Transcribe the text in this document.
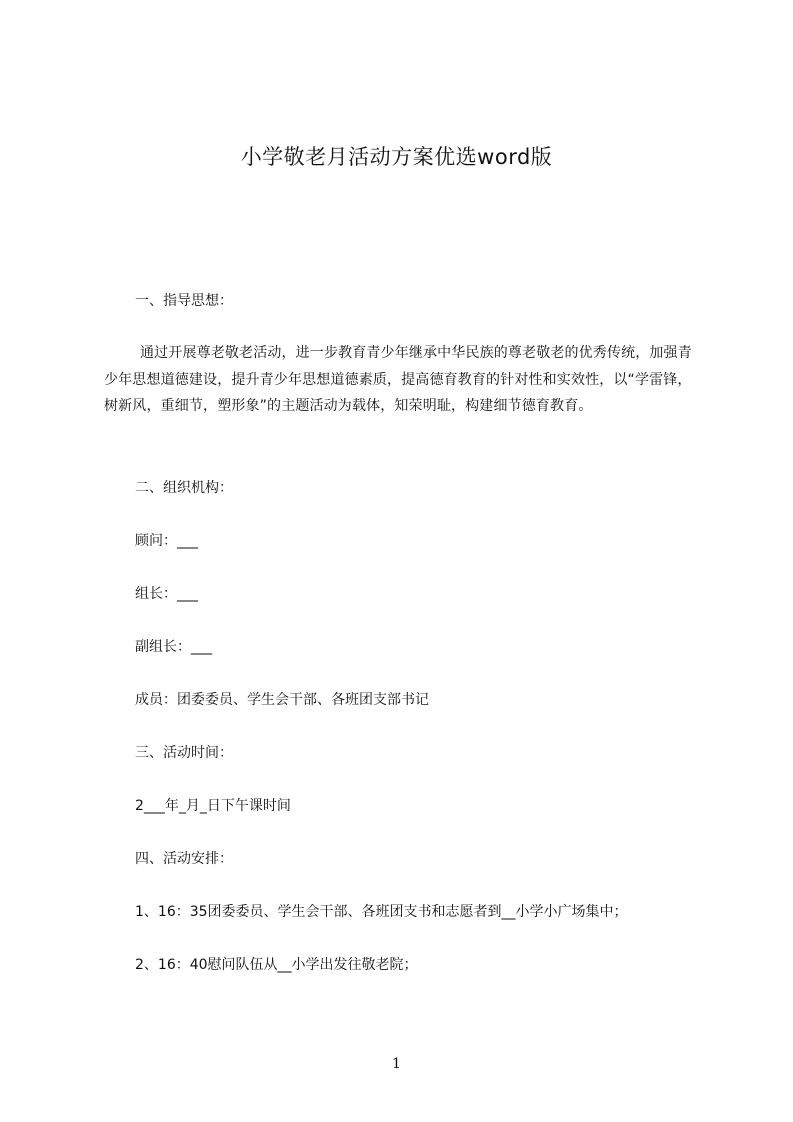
小学敬老月活动方案优选word版
一、指导思想：
通过开展尊老敬老活动，进一步教育青少年继承中华民族的尊老敬老的优秀传统，加强青少年思想道德建设，提升青少年思想道德素质，提高德育教育的针对性和实效性，以“学雷锋，树新风，重细节，塑形象”的主题活动为载体，知荣明耻，构建细节德育教育。
二、组织机构：
顾问：___
组长：___
副组长：___
成员：团委委员、学生会干部、各班团支部书记
三、活动时间：
2___年_月_日下午课时间
四、活动安排：
1、16：35团委委员、学生会干部、各班团支书和志愿者到__小学小广场集中；
2、16：40慰问队伍从__小学出发往敬老院；
1
